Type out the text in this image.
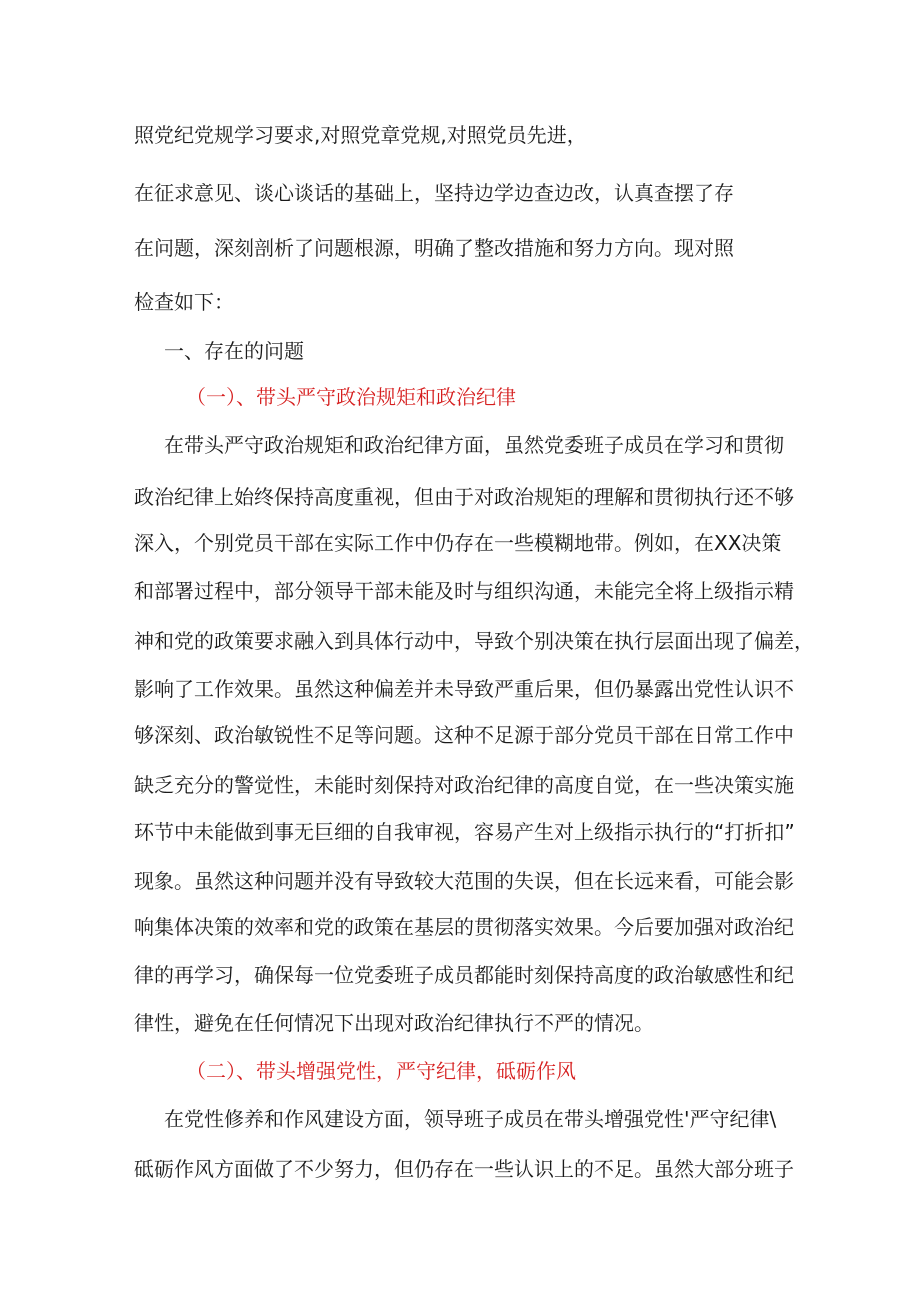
照党纪党规学习要求,对照党章党规,对照党员先进，

在征求意见、谈心谈话的基础上，坚持边学边查边改，认真查摆了存

在问题，深刻剖析了问题根源，明确了整改措施和努力方向。现对照

检查如下：

一、存在的问题

（一）、带头严守政治规矩和政治纪律

在带头严守政治规矩和政治纪律方面，虽然党委班子成员在学习和贯彻

政治纪律上始终保持高度重视，但由于对政治规矩的理解和贯彻执行还不够

深入，个别党员干部在实际工作中仍存在一些模糊地带。例如，在XX决策

和部署过程中，部分领导干部未能及时与组织沟通，未能完全将上级指示精

神和党的政策要求融入到具体行动中，导致个别决策在执行层面出现了偏差，

影响了工作效果。虽然这种偏差并未导致严重后果，但仍暴露出党性认识不

够深刻、政治敏锐性不足等问题。这种不足源于部分党员干部在日常工作中

缺乏充分的警觉性，未能时刻保持对政治纪律的高度自觉，在一些决策实施

环节中未能做到事无巨细的自我审视，容易产生对上级指示执行的“打折扣”

现象。虽然这种问题并没有导致较大范围的失误，但在长远来看，可能会影

响集体决策的效率和党的政策在基层的贯彻落实效果。今后要加强对政治纪

律的再学习，确保每一位党委班子成员都能时刻保持高度的政治敏感性和纪

律性，避免在任何情况下出现对政治纪律执行不严的情况。

（二）、带头增强党性，严守纪律，砥砺作风

在党性修养和作风建设方面，领导班子成员在带头增强党性'严守纪律\

砥砺作风方面做了不少努力，但仍存在一些认识上的不足。虽然大部分班子
